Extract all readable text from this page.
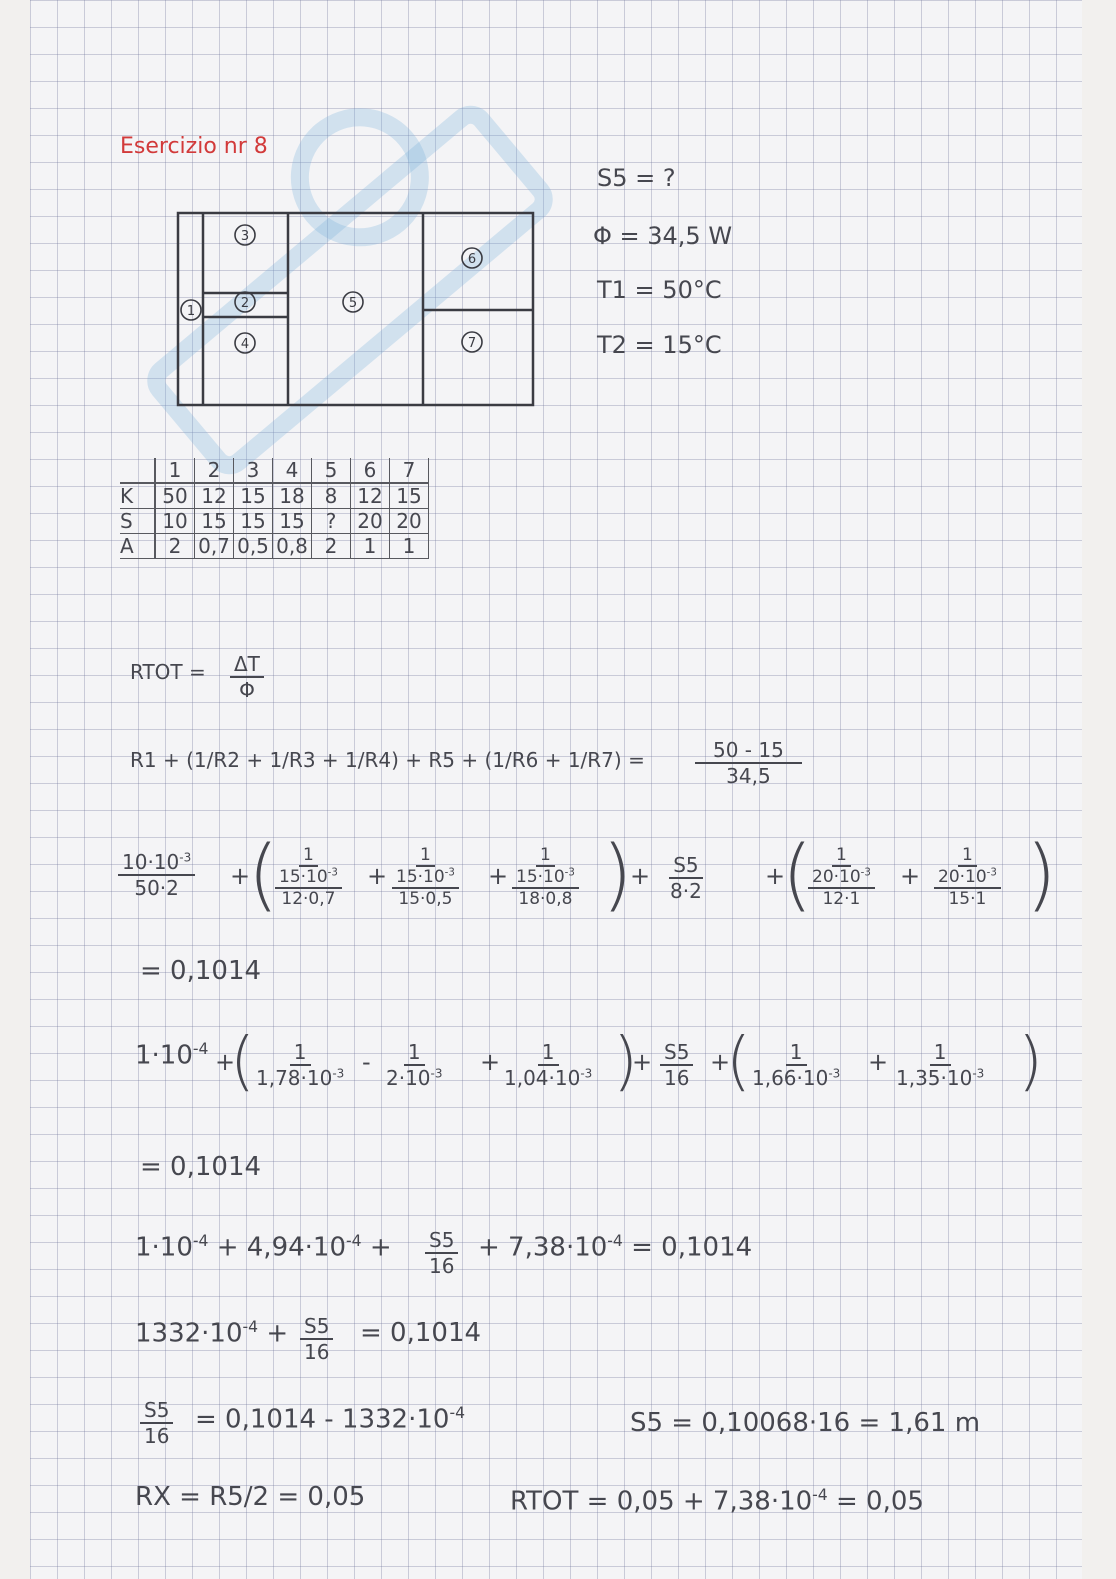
Esercizio nr 8
S5 = ?
Φ = 34,5 W
T1 = 50°C
T2 = 15°C
3
1
2
4
5
6
7
	1	2	3	4	5	6	7
K	50	12	15	18	8	12	15
S	10	15	15	15	?	20	20
A	2	0,7	0,5	0,8	2	1	1
RTOT = $\frac{\Delta T}{\Phi}$
R1 + (1/R2 + 1/R3 + 1/R4) + R5 + (1/R6 + 1/R7) =	$\frac{50 - 15}{34,5}$
$\frac{10\cdot 10^{-3}}{50\cdot 2}$ +
( 1
$15\cdot 10^{-3}$
12·0,7
+
1
$15\cdot 10^{-3}$
15·0,5
+
1
$15\cdot 10^{-3}$
18·0,8 )
+ $\frac{S5}{8\cdot 2}$ +
( 1
$20\cdot 10^{-3}$
12·1
+
1
$20\cdot 10^{-3}$
15·1 )
= 0,1014
$1\cdot 10^{-4}$ +
(
$\frac{1}{1,78\cdot 10^{-3}} - \frac{1}{2\cdot 10^{-3}} + \frac{1}{1,04\cdot 10^{-3}}$ )
+ $\frac{S5}{16}$ +
(
$\frac{1}{1,66\cdot 10^{-3}} + \frac{1}{1,35\cdot 10^{-3}}$ )
= 0,1014
$1\cdot 10^{-4} + 4,94\cdot 10^{-4} + \frac{S5}{16} + 7,38\cdot 10^{-4} = 0,1014$
$1332\cdot 10^{-4} + \frac{S5}{16} = 0,1014$
$\frac{S5}{16} = 0,1014 - 1332\cdot 10^{-4}$	S5 = 0,10068·16 = 1,61 m
RX = R5/2 = 0,05	RTOT = $0,05 + 7,38\cdot 10^{-4} = 0,05$
